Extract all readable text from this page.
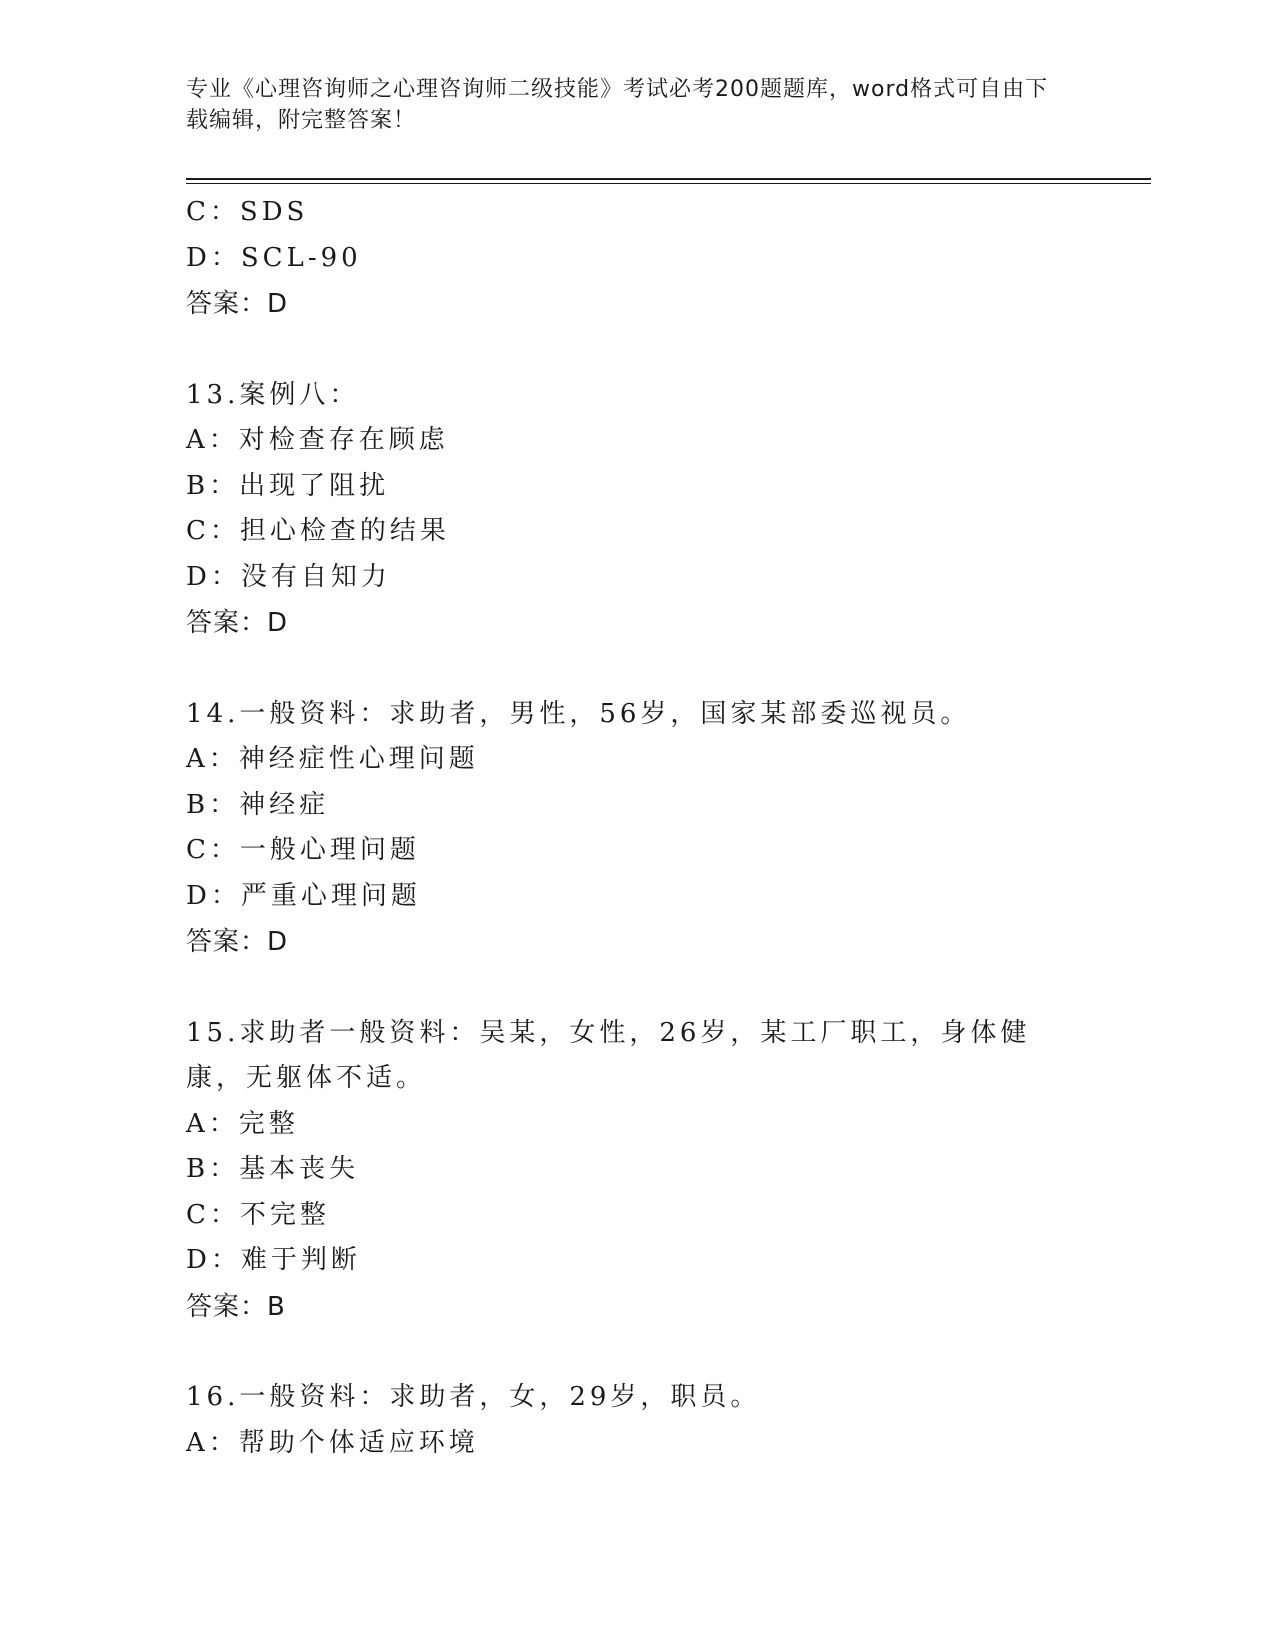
专业《心理咨询师之心理咨询师二级技能》考试必考200题题库，word格式可自由下载编辑，附完整答案！
C：SDS
D：SCL-90
答案：D
13.案例八：
A：对检查存在顾虑
B：出现了阻扰
C：担心检查的结果
D：没有自知力
答案：D
14.一般资料：求助者，男性，56岁，国家某部委巡视员。
A：神经症性心理问题
B：神经症
C：一般心理问题
D：严重心理问题
答案：D
15.求助者一般资料：吴某，女性，26岁，某工厂职工，身体健康，无躯体不适。
A：完整
B：基本丧失
C：不完整
D：难于判断
答案：B
16.一般资料：求助者，女，29岁，职员。
A：帮助个体适应环境
